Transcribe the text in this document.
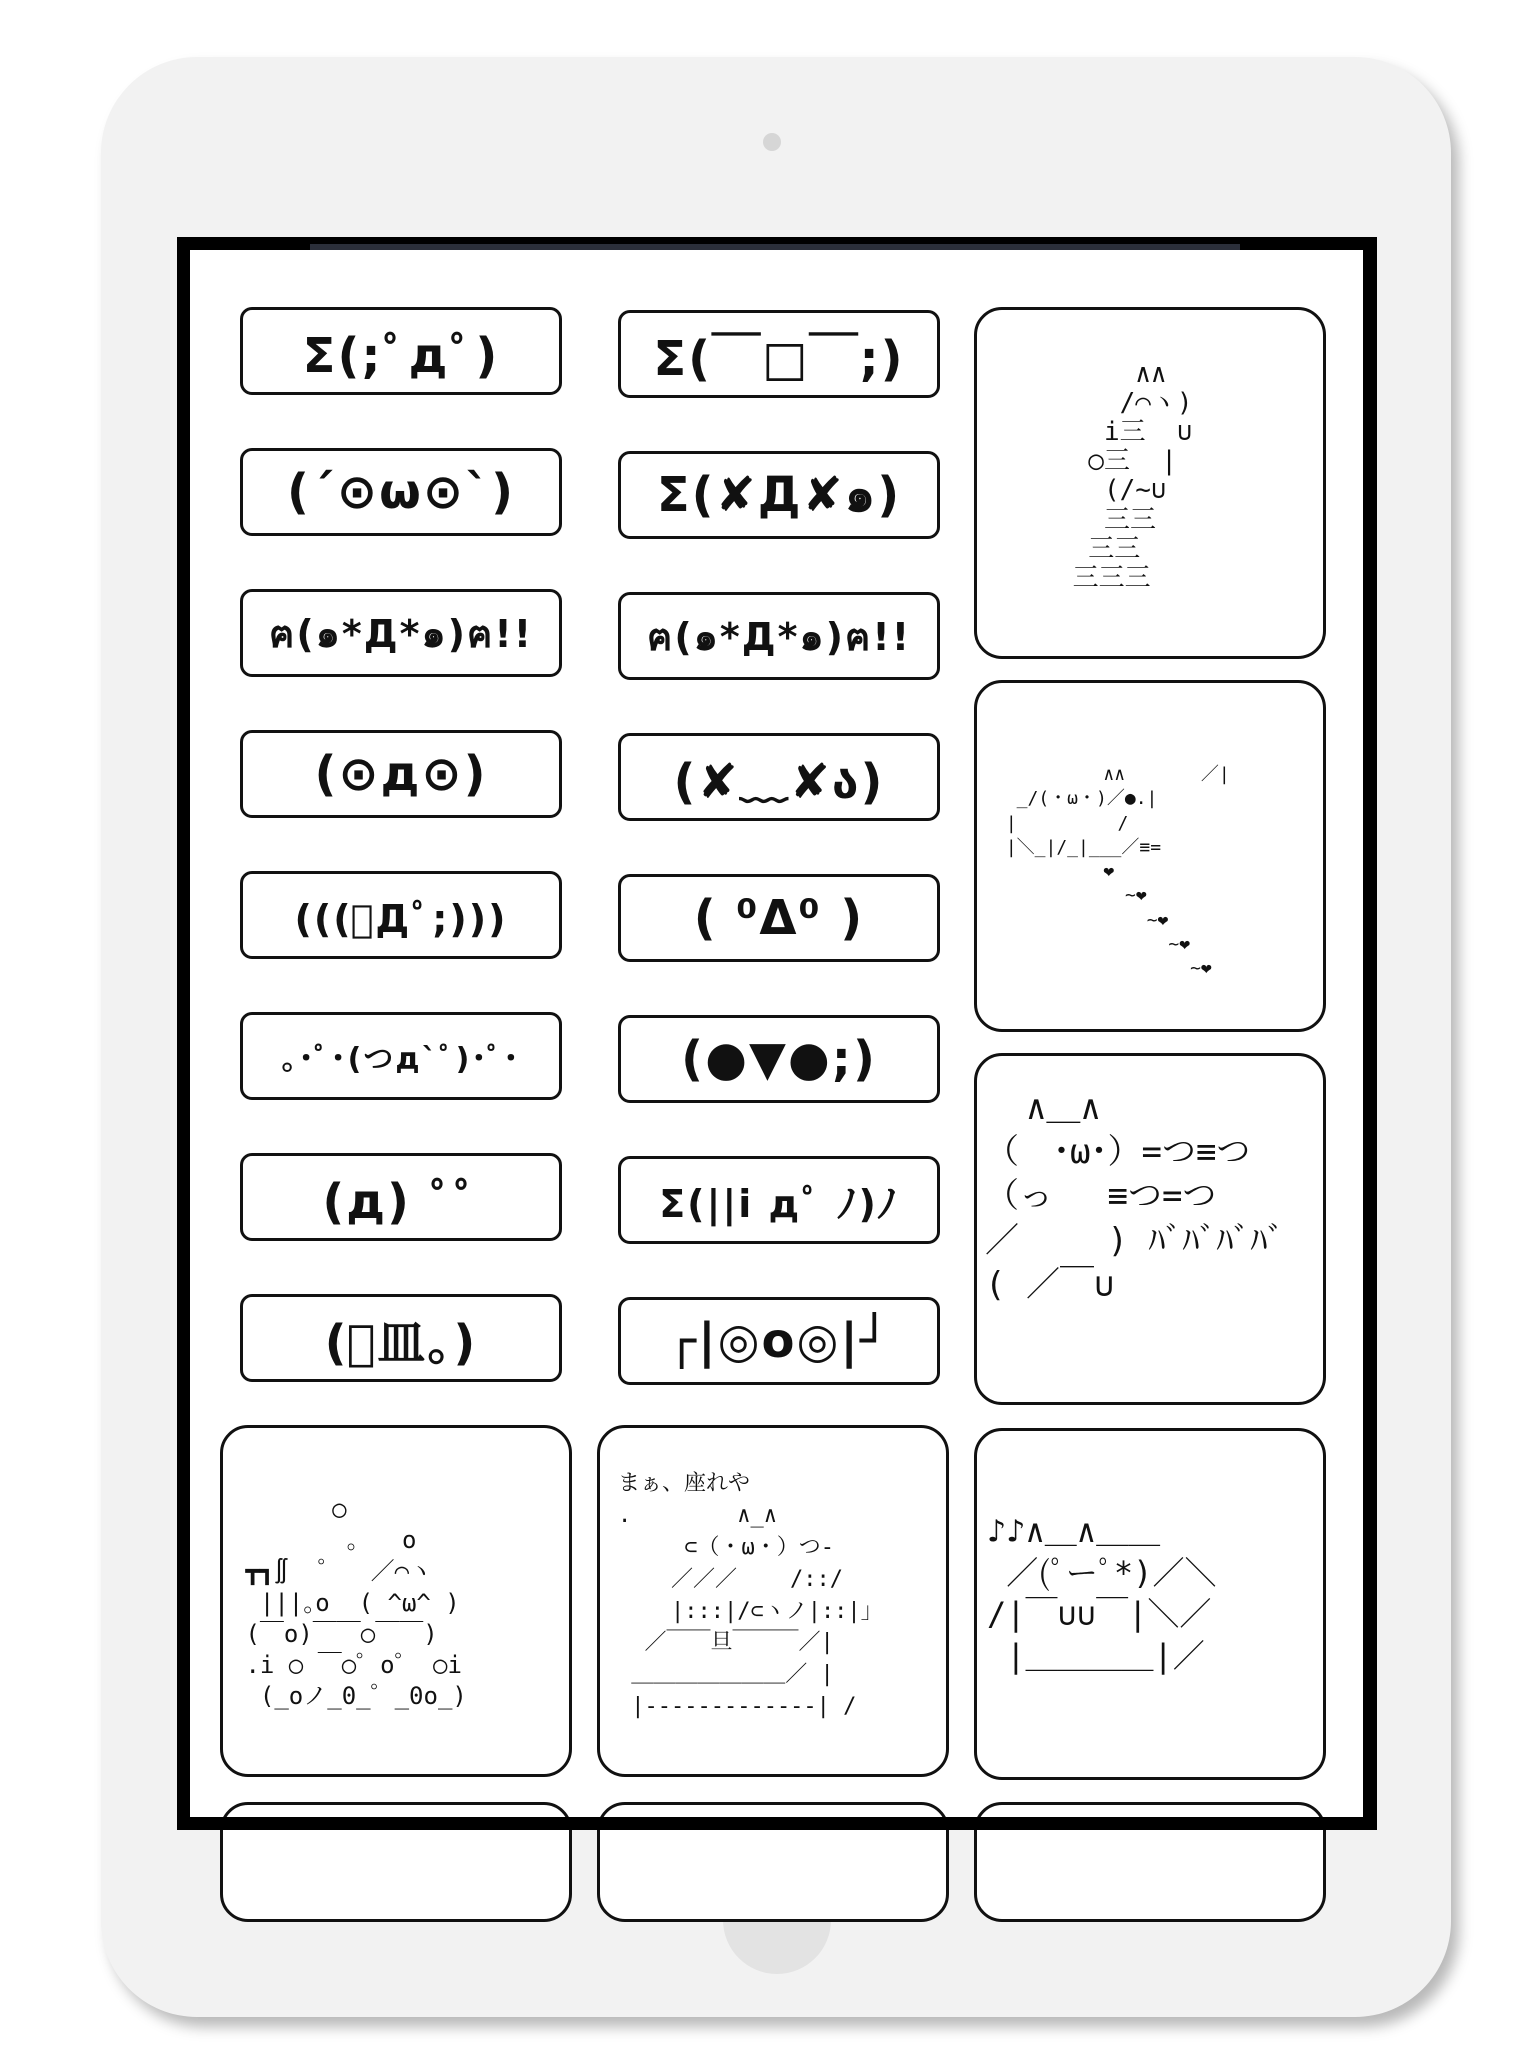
Σ(;ﾟдﾟ)
(´⊙ω⊙`)
ฅ(๑*Д*๑)ฅ!!
(⊙д⊙)
(((ﾟДﾟ;)))
｡･ﾟ･(つд`ﾟ)･ﾟ･
(д) ﾟﾟ
(ﾟ皿｡)
Σ(￣□￣;)
Σ(✘Д✘๑)
ฅ(๑*Д*๑)ฅ!!
(✘﹏✘ა)
( ⁰Δ⁰ )
(●▼●;)
Σ(||i дﾟ ﾉ)ﾉ
┌|◎o◎|┘
∧∧
/⌒ヽ)
i三  ∪
○三  |
(/~∪
三三
三三
三三三
∧∧       ／|
_/(・ω・)／●.|
|　　　　　 /
|＼_|/_|___／≡=
❤
~❤
~❤
~❤
~❤
∧＿∧
（　･ω･）=つ≡つ
（っ　 ≡つ=つ
／　　 ) ﾊﾞﾊﾞﾊﾞﾊﾞ
( ／￣∪
○
｡   o
┳┓∬  ゜  ／⌒ヽ
|||｡o  ( ^ω^ )
(￣o)￣￣○￣￣)
.i ○ ￣○゜o゜ ○i
(_oノ_0_゜_0o_)
まぁ、座れや
.        ∧_∧
⊂（・ω・）つ-
／／／    /::/
|:::|/⊂ヽノ|::|」
／￣￣旦￣￣￣／|
＿＿＿＿＿＿＿／ |
|-------------| /
♪♪∧＿∧＿＿
／(ﾟーﾟ*)／＼
/|￣∪∪￣|＼／
|＿＿＿＿|／
